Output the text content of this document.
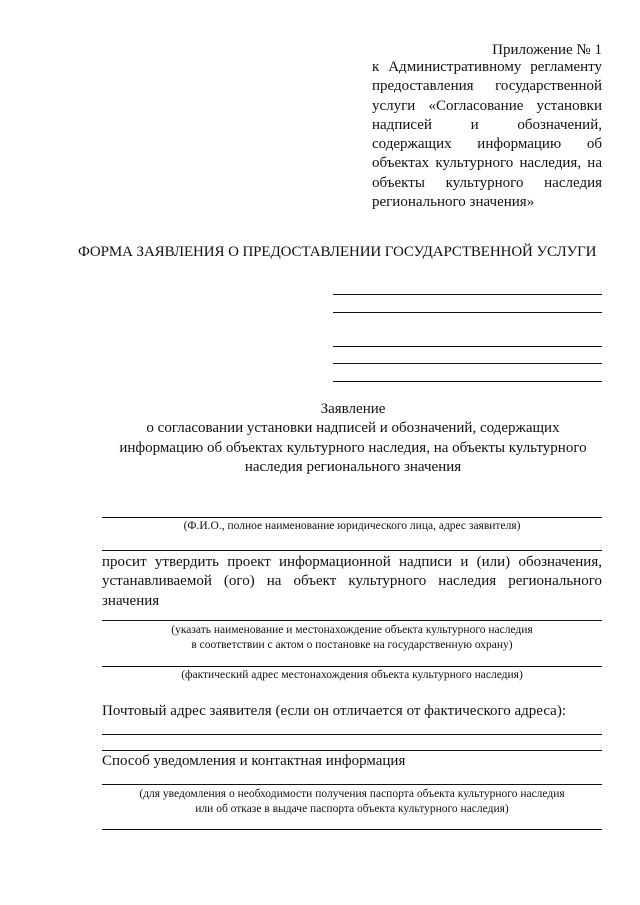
Приложение № 1
к Административному регламенту
предоставления государственной
услуги «Согласование установки
надписей и обозначений,
содержащих информацию об
объектах культурного наследия, на
объекты культурного наследия
регионального значения»
ФОРМА ЗАЯВЛЕНИЯ О ПРЕДОСТАВЛЕНИИ ГОСУДАРСТВЕННОЙ УСЛУГИ
Заявление
о согласовании установки надписей и обозначений, содержащих
информацию об объектах культурного наследия, на объекты культурного
наследия регионального значения
(Ф.И.О., полное наименование юридического лица, адрес заявителя)
просит утвердить проект информационной надписи и (или) обозначения,
устанавливаемой (ого) на объект культурного наследия регионального
значения
(указать наименование и местонахождение объекта культурного наследия
в соответствии с актом о постановке на государственную охрану)
(фактический адрес местонахождения объекта культурного наследия)
Почтовый адрес заявителя (если он отличается от фактического адреса):
Способ уведомления и контактная информация
(для уведомления о необходимости получения паспорта объекта культурного наследия
или об отказе в выдаче паспорта объекта культурного наследия)
